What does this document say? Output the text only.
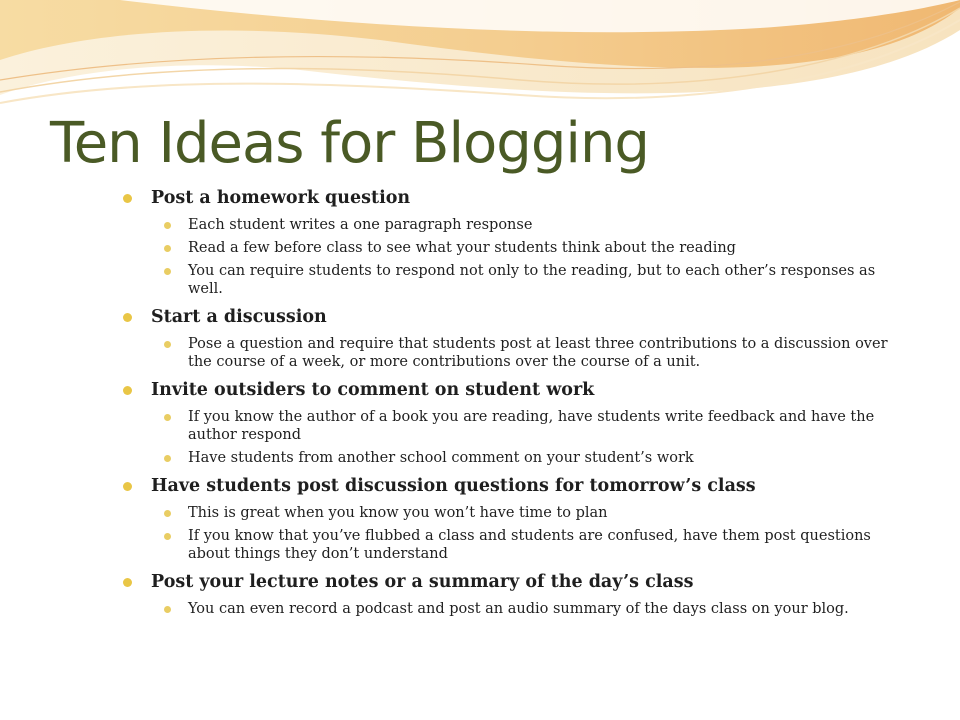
Ten Ideas for Blogging
Post a homework question
Each student writes a one paragraph response
Read a few before class to see what your students think about the reading
You can require students to respond not only to the reading, but to each other’s responses as well.
Start a discussion
Pose a question and require that students post at least three contributions to a discussion over the course of a week, or more contributions over the course of a unit.
Invite outsiders to comment on student work
If you know the author of a book you are reading, have students write feedback and have the author respond
Have students from another school comment on your student’s work
Have students post discussion questions for tomorrow’s class
This is great when you know you won’t have time to plan
If you know that you’ve flubbed a class and students are confused, have them post questions about things they don’t understand
Post your lecture notes or a summary of the day’s class
You can even record a podcast and post an audio summary of the days class on your blog.
